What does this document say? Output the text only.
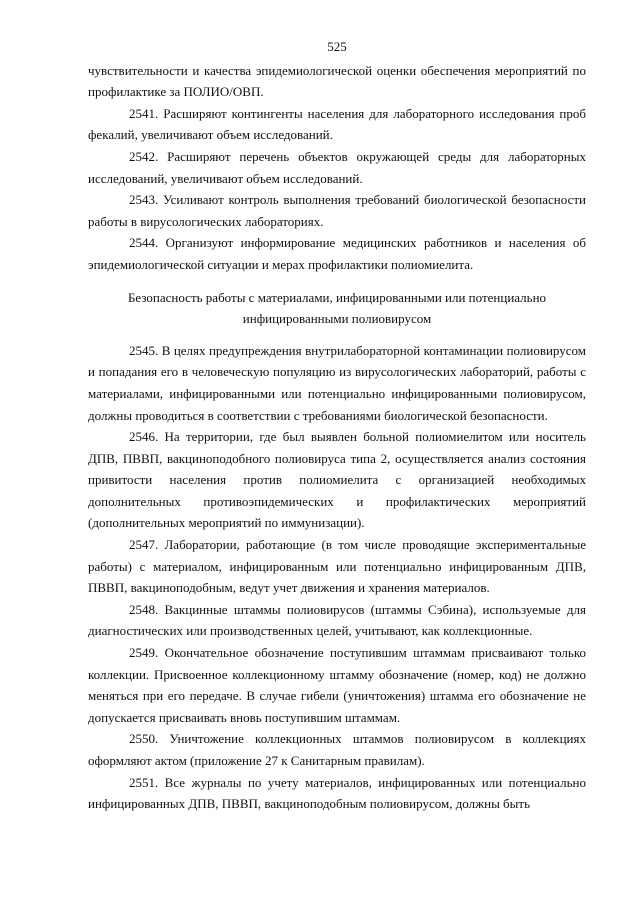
525

чувствительности и качества эпидемиологической оценки обеспечения мероприятий по профилактике за ПОЛИО/ОВП.

2541. Расширяют контингенты населения для лабораторного исследования проб фекалий, увеличивают объем исследований.

2542. Расширяют перечень объектов окружающей среды для лабораторных исследований, увеличивают объем исследований.

2543. Усиливают контроль выполнения требований биологической безопасности работы в вирусологических лабораториях.

2544. Организуют информирование медицинских работников и населения об эпидемиологической ситуации и мерах профилактики полиомиелита.

Безопасность работы с материалами, инфицированными или потенциально
инфицированными полиовирусом

2545. В целях предупреждения внутрилабораторной контаминации полиовирусом и попадания его в человеческую популяцию из вирусологических лабораторий, работы с материалами, инфицированными или потенциально инфицированными полиовирусом, должны проводиться в соответствии с требованиями биологической безопасности.

2546. На территории, где был выявлен больной полиомиелитом или носитель ДПВ, ПВВП, вакциноподобного полиовируса типа 2, осуществляется анализ состояния привитости населения против полиомиелита с организацией необходимых дополнительных противоэпидемических и профилактических мероприятий (дополнительных мероприятий по иммунизации).

2547. Лаборатории, работающие (в том числе проводящие экспериментальные работы) с материалом, инфицированным или потенциально инфицированным ДПВ, ПВВП, вакциноподобным, ведут учет движения и хранения материалов.

2548. Вакцинные штаммы полиовирусов (штаммы Сэбина), используемые для диагностических или производственных целей, учитывают, как коллекционные.

2549. Окончательное обозначение поступившим штаммам присваивают только коллекции. Присвоенное коллекционному штамму обозначение (номер, код) не должно меняться при его передаче. В случае гибели (уничтожения) штамма его обозначение не допускается присваивать вновь поступившим штаммам.

2550. Уничтожение коллекционных штаммов полиовирусом в коллекциях оформляют актом (приложение 27 к Санитарным правилам).

2551. Все журналы по учету материалов, инфицированных или потенциально инфицированных ДПВ, ПВВП, вакциноподобным полиовирусом, должны быть
